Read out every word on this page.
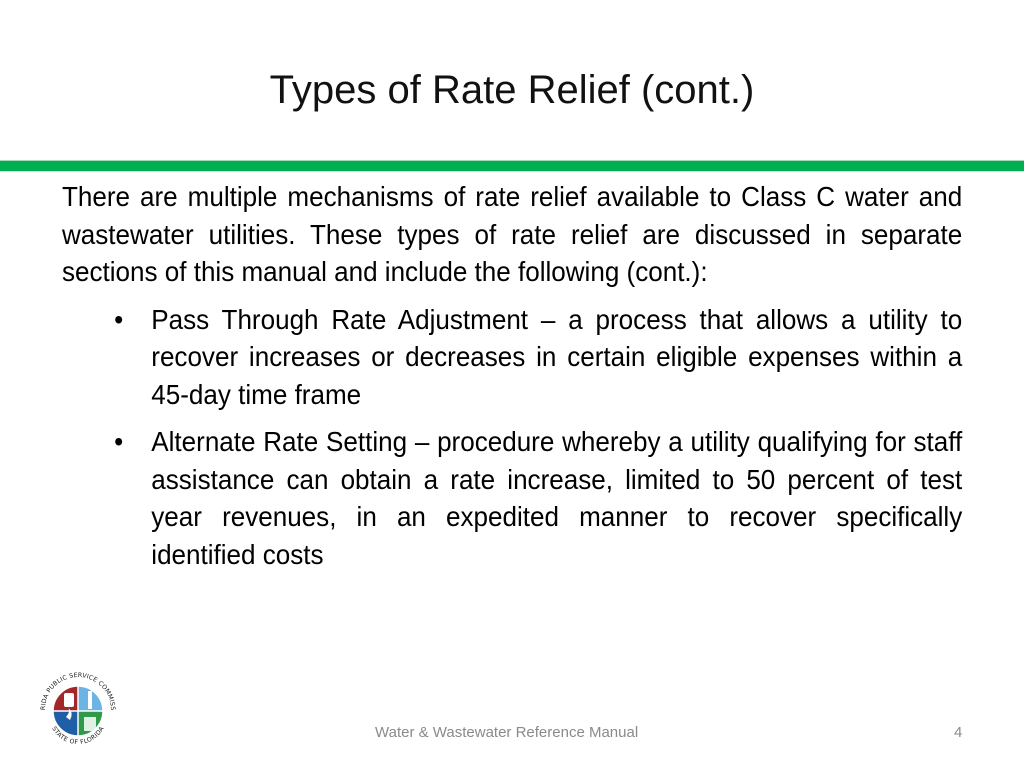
Types of Rate Relief (cont.)

There are multiple mechanisms of rate relief available to Class C water and wastewater utilities. These types of rate relief are discussed in separate sections of this manual and include the following (cont.):

• Pass Through Rate Adjustment – a process that allows a utility to recover increases or decreases in certain eligible expenses within a 45-day time frame
• Alternate Rate Setting – procedure whereby a utility qualifying for staff assistance can obtain a rate increase, limited to 50 percent of test year revenues, in an expedited manner to recover specifically identified costs
RIDA PUBLIC SERVICE COMMISS
STATE OF FLORIDA	Water & Wastewater Reference Manual	4
